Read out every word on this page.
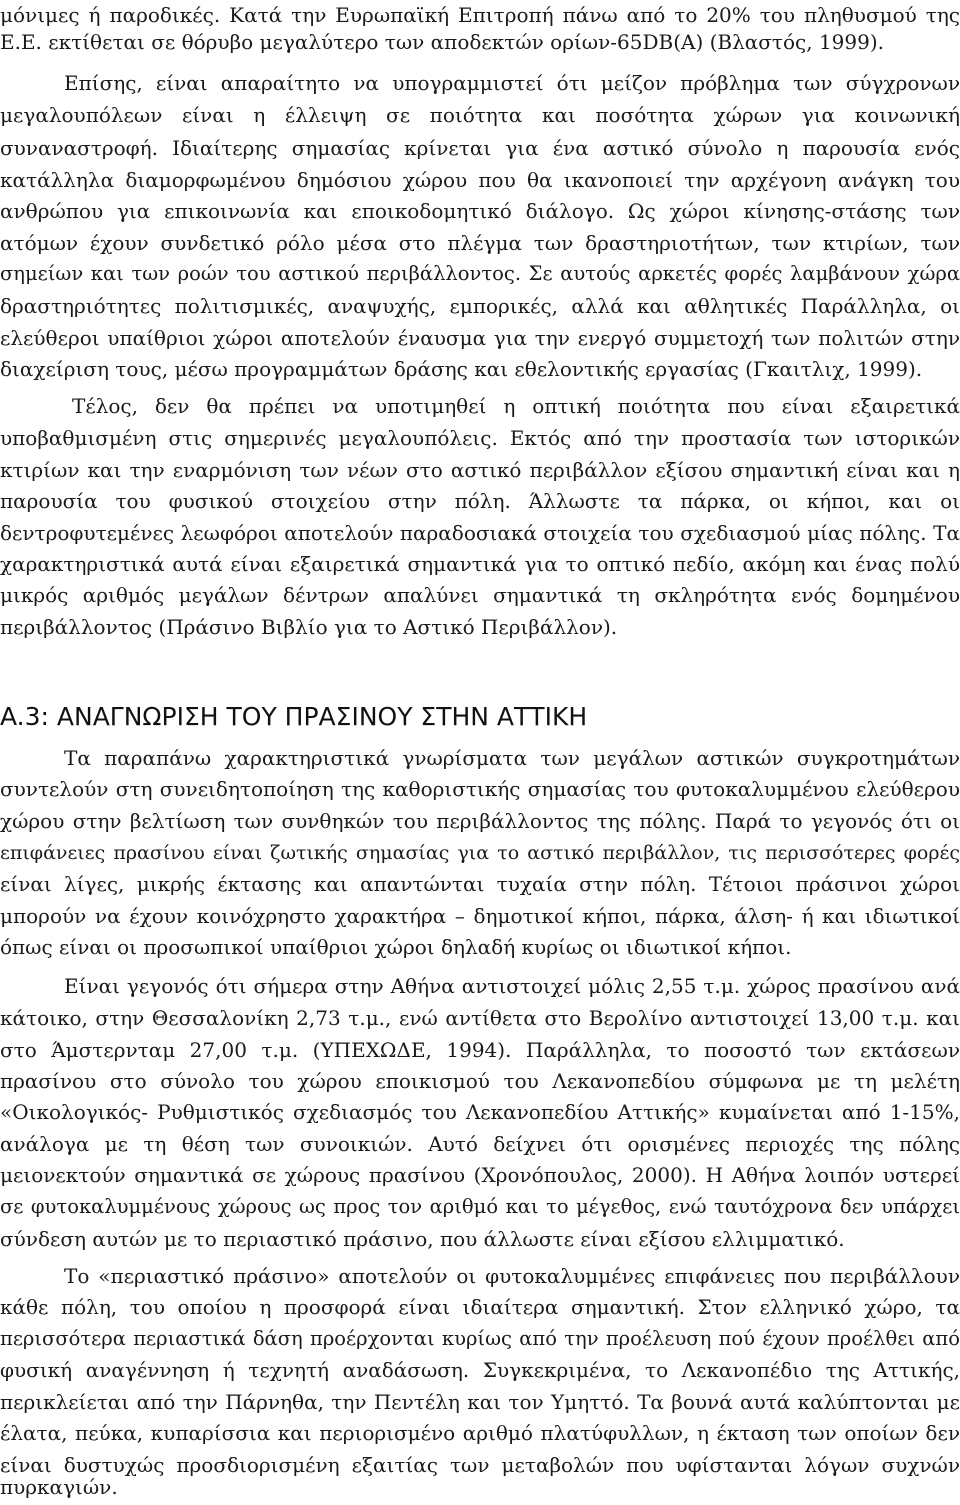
μόνιμες ή παροδικές. Κατά την Ευρωπαϊκή Επιτροπή πάνω από το 20% του πληθυσμού της
Ε.Ε. εκτίθεται σε θόρυβο μεγαλύτερο των αποδεκτών ορίων-65DB(A) (Βλαστός, 1999).
Επίσης, είναι απαραίτητο να υπογραμμιστεί ότι μείζον πρόβλημα των σύγχρονων
μεγαλουπόλεων είναι η έλλειψη σε ποιότητα και ποσότητα χώρων για κοινωνική
συναναστροφή. Ιδιαίτερης σημασίας κρίνεται για ένα αστικό σύνολο η παρουσία ενός
κατάλληλα διαμορφωμένου δημόσιου χώρου που θα ικανοποιεί την αρχέγονη ανάγκη του
ανθρώπου για επικοινωνία και εποικοδομητικό διάλογο. Ως χώροι κίνησης-στάσης των
ατόμων έχουν συνδετικό ρόλο μέσα στο πλέγμα των δραστηριοτήτων, των κτιρίων, των
σημείων και των ροών του αστικού περιβάλλοντος. Σε αυτούς αρκετές φορές λαμβάνουν χώρα
δραστηριότητες πολιτισμικές, αναψυχής, εμπορικές, αλλά και αθλητικές Παράλληλα, οι
ελεύθεροι υπαίθριοι χώροι αποτελούν έναυσμα για την ενεργό συμμετοχή των πολιτών στην
διαχείριση τους, μέσω προγραμμάτων δράσης και εθελοντικής εργασίας (Γκαιτλιχ, 1999).
Τέλος, δεν θα πρέπει να υποτιμηθεί η οπτική ποιότητα που είναι εξαιρετικά
υποβαθμισμένη στις σημερινές μεγαλουπόλεις. Εκτός από την προστασία των ιστορικών
κτιρίων και την εναρμόνιση των νέων στο αστικό περιβάλλον εξίσου σημαντική είναι και η
παρουσία του φυσικού στοιχείου στην πόλη. Άλλωστε τα πάρκα, οι κήποι, και οι
δεντροφυτεμένες λεωφόροι αποτελούν παραδοσιακά στοιχεία του σχεδιασμού μίας πόλης. Τα
χαρακτηριστικά αυτά είναι εξαιρετικά σημαντικά για το οπτικό πεδίο, ακόμη και ένας πολύ
μικρός αριθμός μεγάλων δέντρων απαλύνει σημαντικά τη σκληρότητα ενός δομημένου
περιβάλλοντος (Πράσινο Βιβλίο για το Αστικό Περιβάλλον).
A.3: ΑΝΑΓΝΩΡΙΣΗ ΤΟΥ ΠΡΑΣΙΝΟΥ ΣΤΗΝ ΑΤΤΙΚΗ
Τα παραπάνω χαρακτηριστικά γνωρίσματα των μεγάλων αστικών συγκροτημάτων
συντελούν στη συνειδητοποίηση της καθοριστικής σημασίας του φυτοκαλυμμένου ελεύθερου
χώρου στην βελτίωση των συνθηκών του περιβάλλοντος της πόλης. Παρά το γεγονός ότι οι
επιφάνειες πρασίνου είναι ζωτικής σημασίας για το αστικό περιβάλλον, τις περισσότερες φορές
είναι λίγες, μικρής έκτασης και απαντώνται τυχαία στην πόλη. Τέτοιοι πράσινοι χώροι
μπορούν να έχουν κοινόχρηστο χαρακτήρα – δημοτικοί κήποι, πάρκα, άλση- ή και ιδιωτικοί
όπως είναι οι προσωπικοί υπαίθριοι χώροι δηλαδή κυρίως οι ιδιωτικοί κήποι.
Είναι γεγονός ότι σήμερα στην Αθήνα αντιστοιχεί μόλις 2,55 τ.μ. χώρος πρασίνου ανά
κάτοικο, στην Θεσσαλονίκη 2,73 τ.μ., ενώ αντίθετα στο Βερολίνο αντιστοιχεί 13,00 τ.μ. και
στο Άμστερνταμ 27,00 τ.μ. (ΥΠΕΧΩΔΕ, 1994). Παράλληλα, το ποσοστό των εκτάσεων
πρασίνου στο σύνολο του χώρου εποικισμού του Λεκανοπεδίου σύμφωνα με τη μελέτη
«Οικολογικός- Ρυθμιστικός σχεδιασμός του Λεκανοπεδίου Αττικής» κυμαίνεται από 1-15%,
ανάλογα με τη θέση των συνοικιών. Αυτό δείχνει ότι ορισμένες περιοχές της πόλης
μειονεκτούν σημαντικά σε χώρους πρασίνου (Χρονόπουλος, 2000). Η Αθήνα λοιπόν υστερεί
σε φυτοκαλυμμένους χώρους ως προς τον αριθμό και το μέγεθος, ενώ ταυτόχρονα δεν υπάρχει
σύνδεση αυτών με το περιαστικό πράσινο, που άλλωστε είναι εξίσου ελλιμματικό.
Το «περιαστικό πράσινο» αποτελούν οι φυτοκαλυμμένες επιφάνειες που περιβάλλουν
κάθε πόλη, του οποίου η προσφορά είναι ιδιαίτερα σημαντική. Στον ελληνικό χώρο, τα
περισσότερα περιαστικά δάση προέρχονται κυρίως από την προέλευση πού έχουν προέλθει από
φυσική αναγέννηση ή τεχνητή αναδάσωση. Συγκεκριμένα, το Λεκανοπέδιο της Αττικής,
περικλείεται από την Πάρνηθα, την Πεντέλη και τον Υμηττό. Τα βουνά αυτά καλύπτονται με
έλατα, πεύκα, κυπαρίσσια και περιορισμένο αριθμό πλατύφυλλων, η έκταση των οποίων δεν
είναι δυστυχώς προσδιορισμένη εξαιτίας των μεταβολών που υφίστανται λόγων συχνών
πυρκαγιών.
